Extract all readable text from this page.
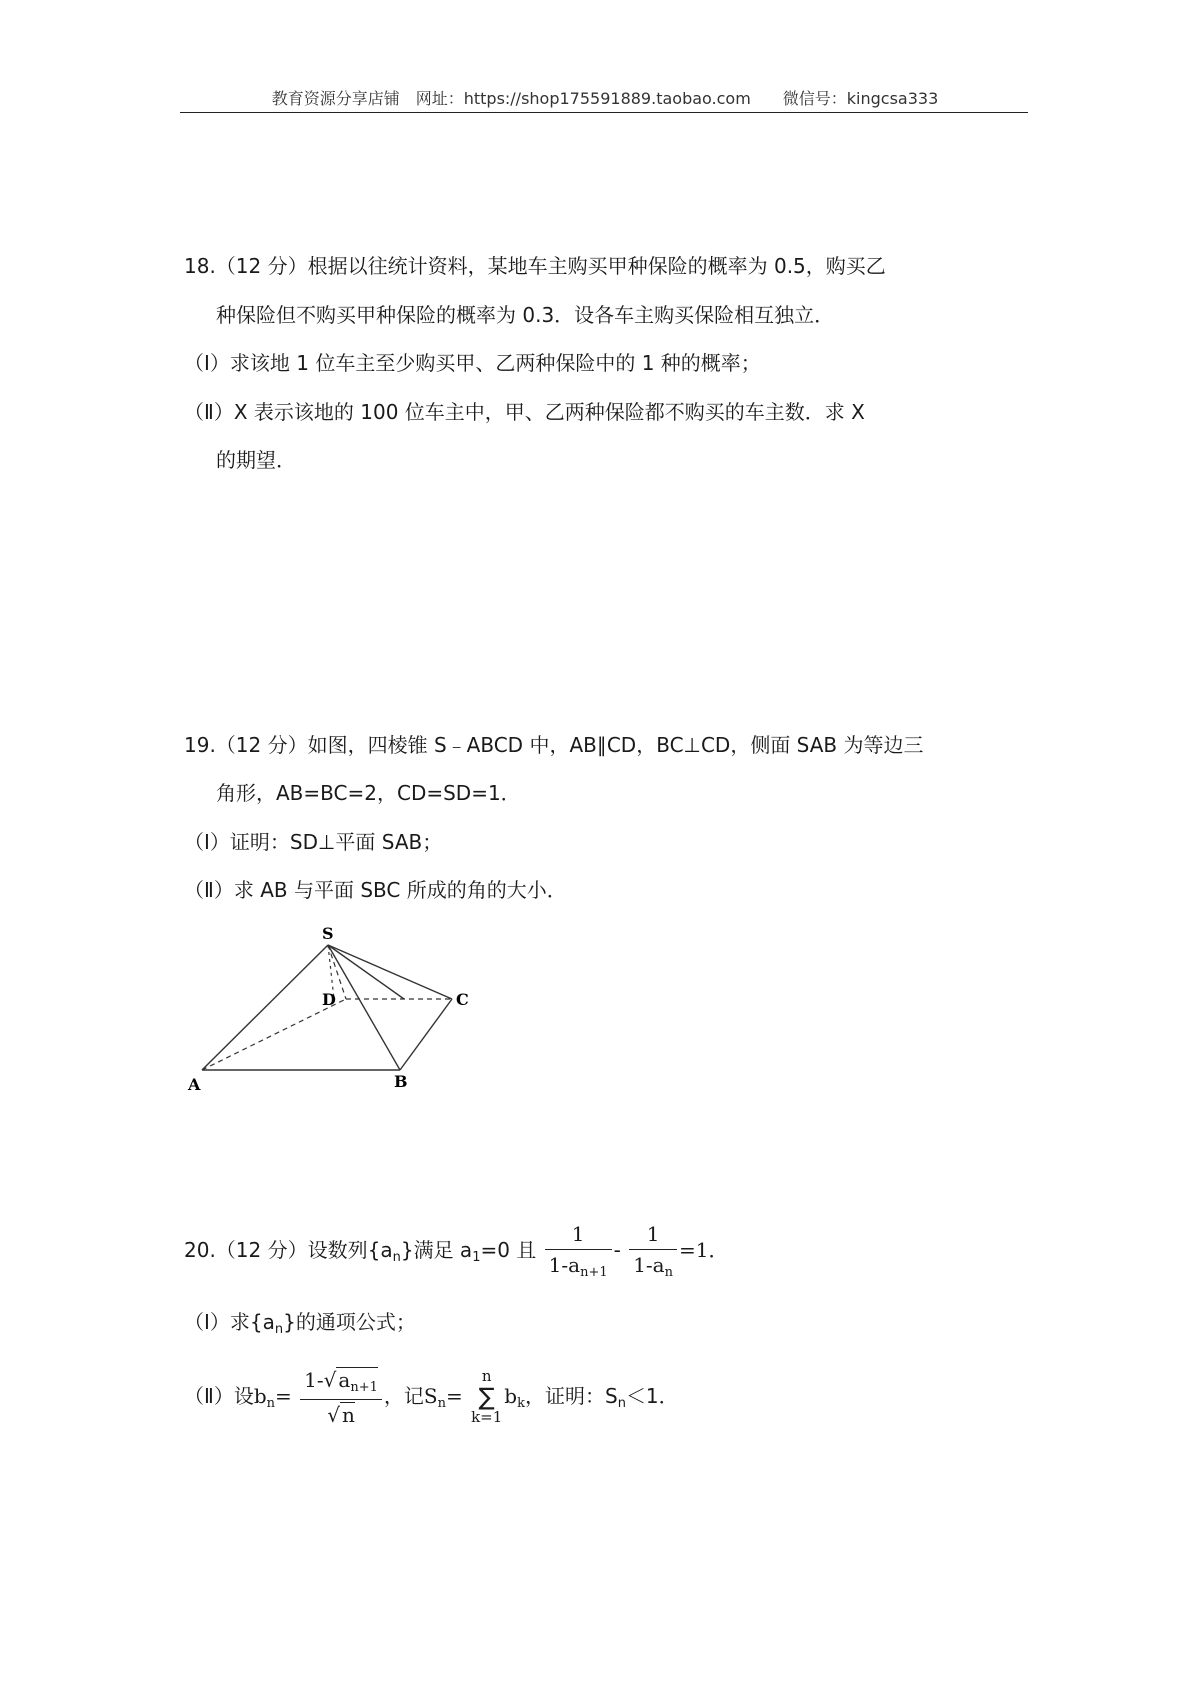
教育资源分享店铺　网址：https://shop175591889.taobao.com　　微信号：kingcsa333
18.（12 分）根据以往统计资料，某地车主购买甲种保险的概率为 0.5，购买乙
种保险但不购买甲种保险的概率为 0.3．设各车主购买保险相互独立．
（Ⅰ）求该地 1 位车主至少购买甲、乙两种保险中的 1 种的概率；
（Ⅱ）X 表示该地的 100 位车主中，甲、乙两种保险都不购买的车主数．求 X
的期望．
19.（12 分）如图，四棱锥 S﹣ABCD 中，AB∥CD，BC⊥CD，侧面 SAB 为等边三
角形，AB=BC=2，CD=SD=1．
（Ⅰ）证明：SD⊥平面 SAB；
（Ⅱ）求 AB 与平面 SBC 所成的角的大小．
S
D	C
A	B
20.（12 分）设数列$\{a_n\}$满足 $a_1=0$ 且 $\frac{1}{1-a_{n+1}} - \frac{1}{1-a_n} =1$．
（Ⅰ）求$\{a_n\}$的通项公式；
（Ⅱ）设$b_n= \frac{1-√ a_{n+1}}{√ n}$ ，记$S_n=$
n
∑
k=1
$b_k$，证明：$S_n<1$．
